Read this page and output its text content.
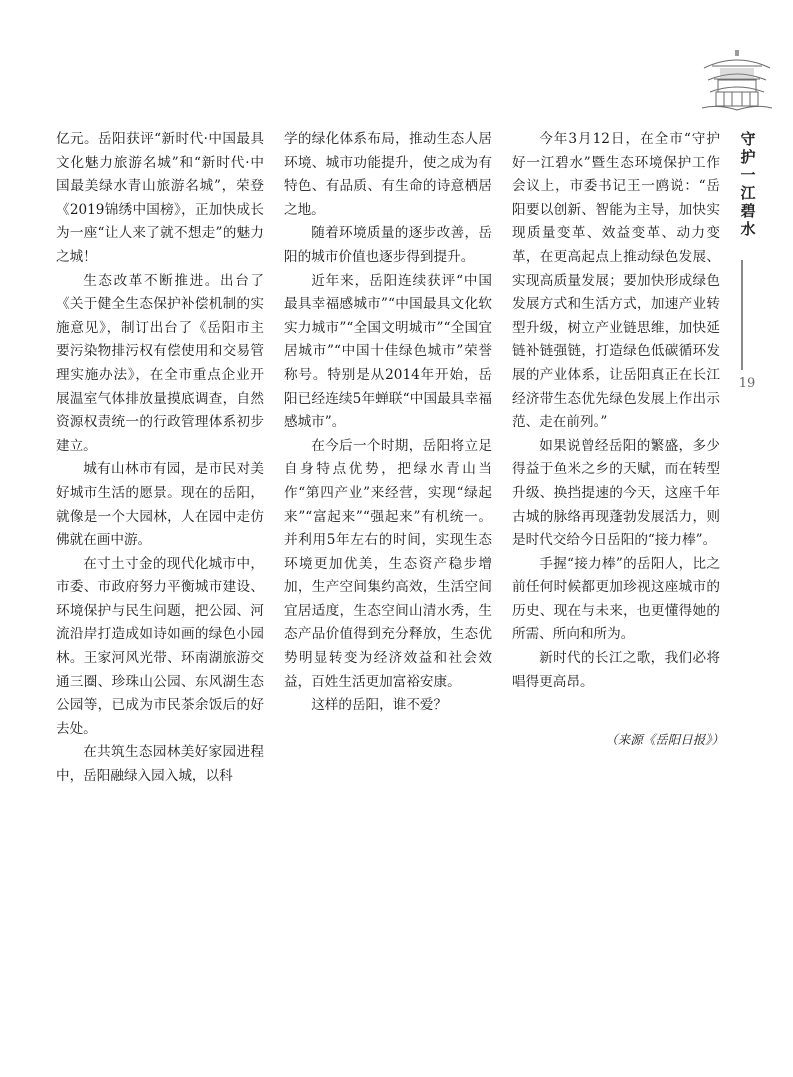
守护一江碧水
19

亿元。岳阳获评“新时代·中国最具文化魅力旅游名城”和“新时代·中国最美绿水青山旅游名城”，荣登《2019锦绣中国榜》，正加快成长为一座“让人来了就不想走”的魅力之城！

生态改革不断推进。出台了《关于健全生态保护补偿机制的实施意见》，制订出台了《岳阳市主要污染物排污权有偿使用和交易管理实施办法》，在全市重点企业开展温室气体排放量摸底调查，自然资源权责统一的行政管理体系初步建立。

城有山林市有园，是市民对美好城市生活的愿景。现在的岳阳，就像是一个大园林，人在园中走仿佛就在画中游。

在寸土寸金的现代化城市中，市委、市政府努力平衡城市建设、环境保护与民生问题，把公园、河流沿岸打造成如诗如画的绿色小园林。王家河风光带、环南湖旅游交通三圈、珍珠山公园、东风湖生态公园等，已成为市民茶余饭后的好去处。

在共筑生态园林美好家园进程中，岳阳融绿入园入城，以科

学的绿化体系布局，推动生态人居环境、城市功能提升，使之成为有特色、有品质、有生命的诗意栖居之地。

随着环境质量的逐步改善，岳阳的城市价值也逐步得到提升。

近年来，岳阳连续获评“中国最具幸福感城市”“中国最具文化软实力城市”“全国文明城市”“全国宜居城市”“中国十佳绿色城市”荣誉称号。特别是从2014年开始，岳阳已经连续5年蝉联“中国最具幸福感城市”。

在今后一个时期，岳阳将立足自身特点优势，把绿水青山当作“第四产业”来经营，实现“绿起来”“富起来”“强起来”有机统一。并利用5年左右的时间，实现生态环境更加优美，生态资产稳步增加，生产空间集约高效，生活空间宜居适度，生态空间山清水秀，生态产品价值得到充分释放，生态优势明显转变为经济效益和社会效益，百姓生活更加富裕安康。

这样的岳阳，谁不爱？

今年3月12日，在全市“守护好一江碧水”暨生态环境保护工作会议上，市委书记王一鸥说：“岳阳要以创新、智能为主导，加快实现质量变革、效益变革、动力变革，在更高起点上推动绿色发展、实现高质量发展；要加快形成绿色发展方式和生活方式，加速产业转型升级，树立产业链思维，加快延链补链强链，打造绿色低碳循环发展的产业体系，让岳阳真正在长江经济带生态优先绿色发展上作出示范、走在前列。”

如果说曾经岳阳的繁盛，多少得益于鱼米之乡的天赋，而在转型升级、换挡提速的今天，这座千年古城的脉络再现蓬勃发展活力，则是时代交给今日岳阳的“接力棒”。

手握“接力棒”的岳阳人，比之前任何时候都更加珍视这座城市的历史、现在与未来，也更懂得她的所需、所向和所为。

新时代的长江之歌，我们必将唱得更高昂。

（来源《岳阳日报》）
